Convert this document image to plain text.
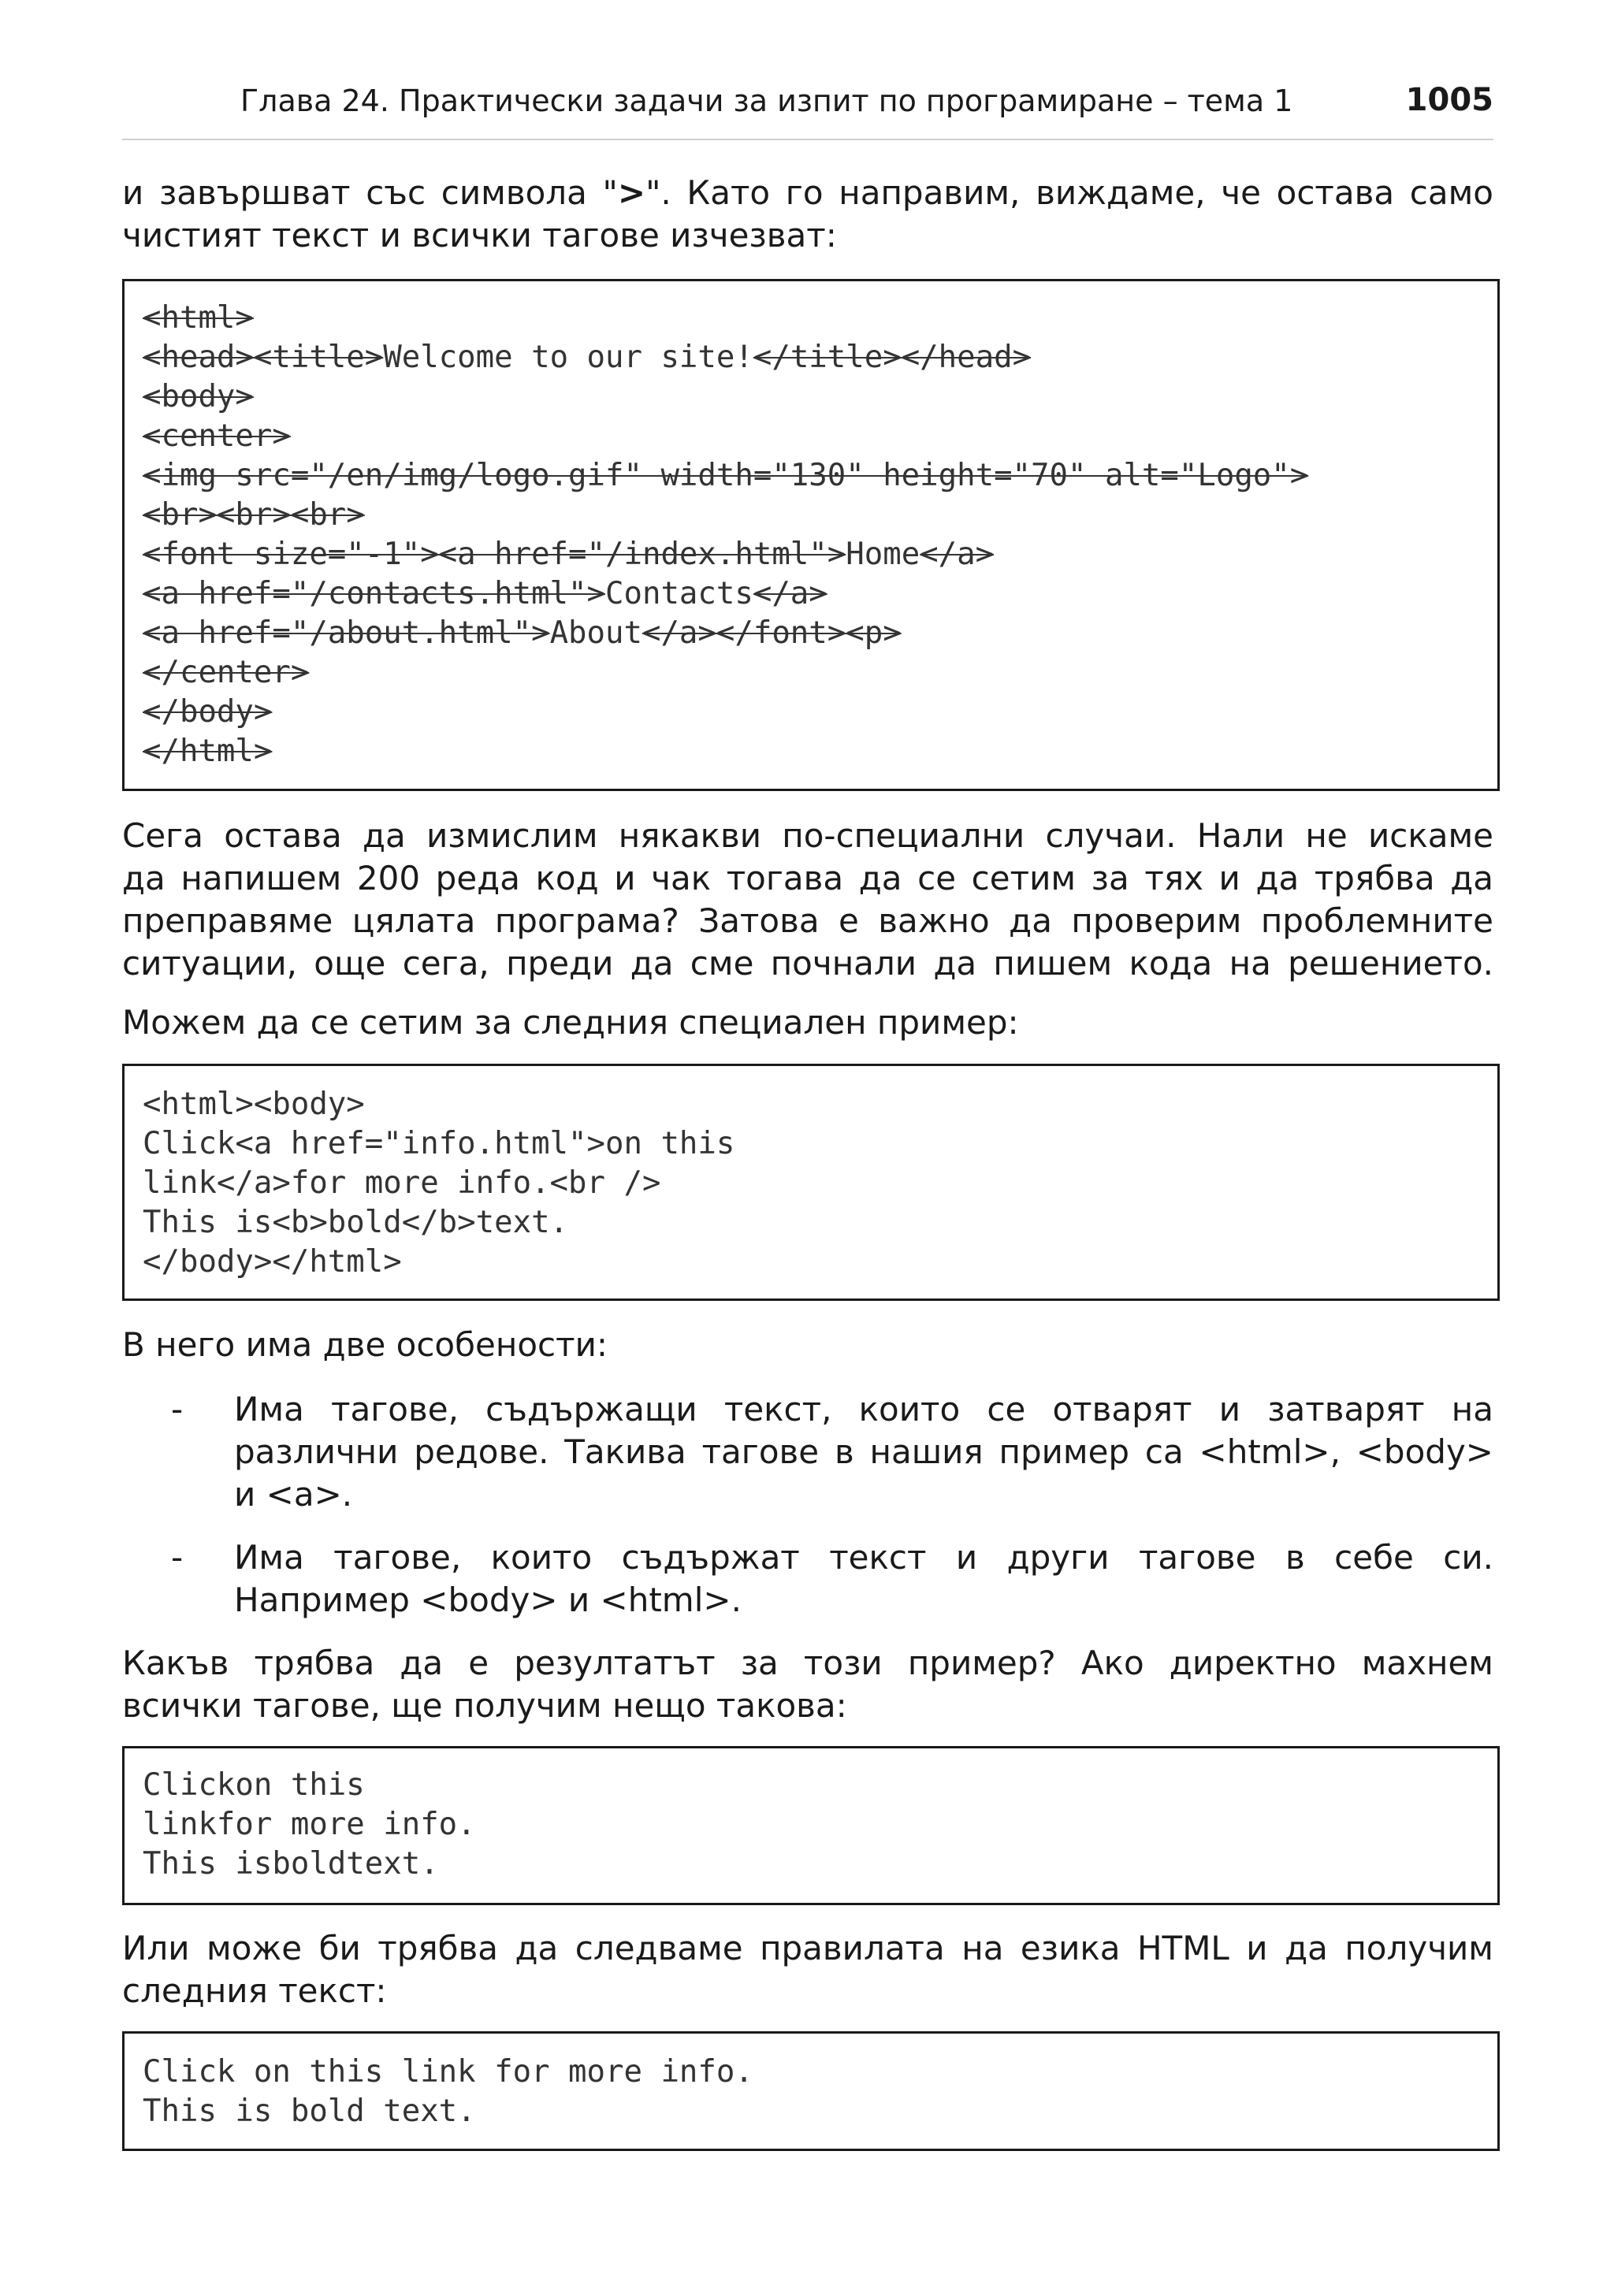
Глава 24. Практически задачи за изпит по програмиране – тема 1	1005
и завършват със символа ">". Като го направим, виждаме, че остава само
чистият текст и всички тагове изчезват:
<html>
<head><title>Welcome to our site!</title></head>
<body>
<center>
<img src="/en/img/logo.gif" width="130" height="70" alt="Logo">
<br><br><br>
<font size="-1"><a href="/index.html">Home</a>
<a href="/contacts.html">Contacts</a>
<a href="/about.html">About</a></font><p>
</center>
</body>
</html>
Сега остава да измислим някакви по-специални случаи. Нали не искаме
да напишем 200 реда код и чак тогава да се сетим за тях и да трябва да
преправяме цялата програма? Затова е важно да проверим проблемните
ситуации, още сега, преди да сме почнали да пишем кода на решението.
Можем да се сетим за следния специален пример:
<html><body>
Click<a href="info.html">on this
link</a>for more info.<br />
This is<b>bold</b>text.
</body></html>
В него има две особености:
- Има тагове, съдържащи текст, които се отварят и затварят на
различни редове. Такива тагове в нашия пример са <html>, <body>
и <a>.
- Има тагове, които съдържат текст и други тагове в себе си.
Например <body> и <html>.
Какъв трябва да е резултатът за този пример? Ако директно махнем
всички тагове, ще получим нещо такова:
Clickon this
linkfor more info.
This isboldtext.
Или може би трябва да следваме правилата на езика HTML и да получим
следния текст:
Click on this link for more info.
This is bold text.
